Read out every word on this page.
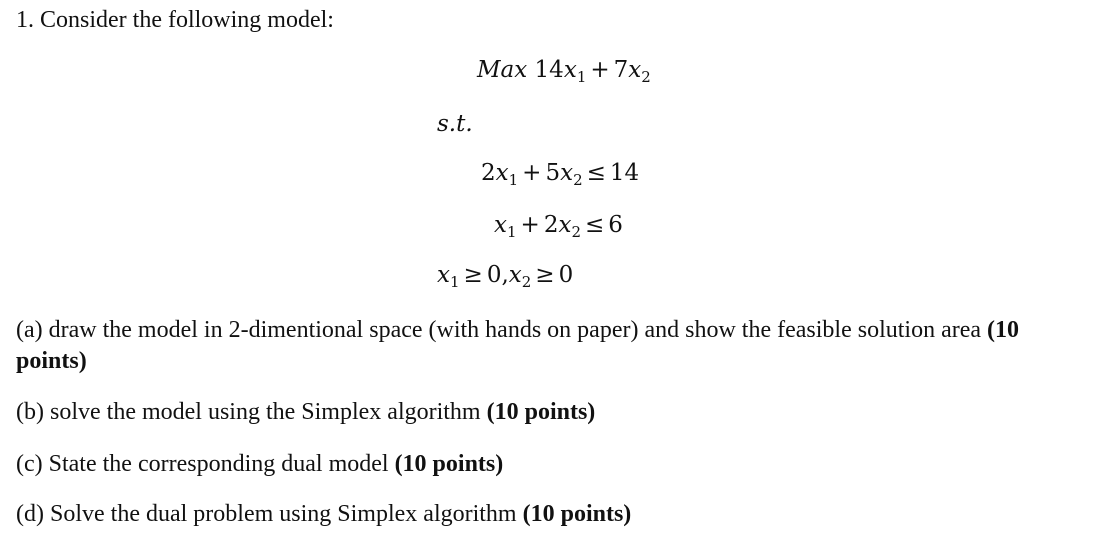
1. Consider the following model:
Max $14x_1 + 7x_2$
s.t.
$2x_1 + 5x_2 \le 14$
$x_1 + 2x_2 \le 6$
$x_1 \ge 0,x_2 \ge 0$
(a) draw the model in 2-dimentional space (with hands on paper) and show the feasible solution area (10
points)
(b) solve the model using the Simplex algorithm (10 points)
(c) State the corresponding dual model (10 points)
(d) Solve the dual problem using Simplex algorithm (10 points)
